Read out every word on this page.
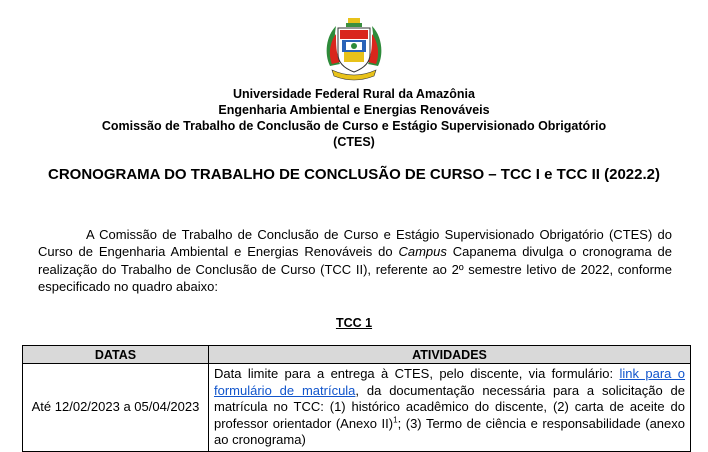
Universidade Federal Rural da Amazônia
Engenharia Ambiental e Energias Renováveis
Comissão de Trabalho de Conclusão de Curso e Estágio Supervisionado Obrigatório
(CTES)
CRONOGRAMA DO TRABALHO DE CONCLUSÃO DE CURSO – TCC I e TCC II (2022.2)
A Comissão de Trabalho de Conclusão de Curso e Estágio Supervisionado Obrigatório (CTES) do Curso de Engenharia Ambiental e Energias Renováveis do Campus Capanema divulga o cronograma de realização do Trabalho de Conclusão de Curso (TCC II), referente ao 2º semestre letivo de 2022, conforme especificado no quadro abaixo:
TCC 1
DATAS	ATIVIDADES
Até 12/02/2023 a 05/04/2023	Data limite para a entrega à CTES, pelo discente, via formulário: link para o formulário de matrícula, da documentação necessária para a solicitação de matrícula no TCC: (1) histórico acadêmico do discente, (2) carta de aceite do professor orientador (Anexo II)$^1$; (3) Termo de ciência e responsabilidade (anexo ao cronograma)
